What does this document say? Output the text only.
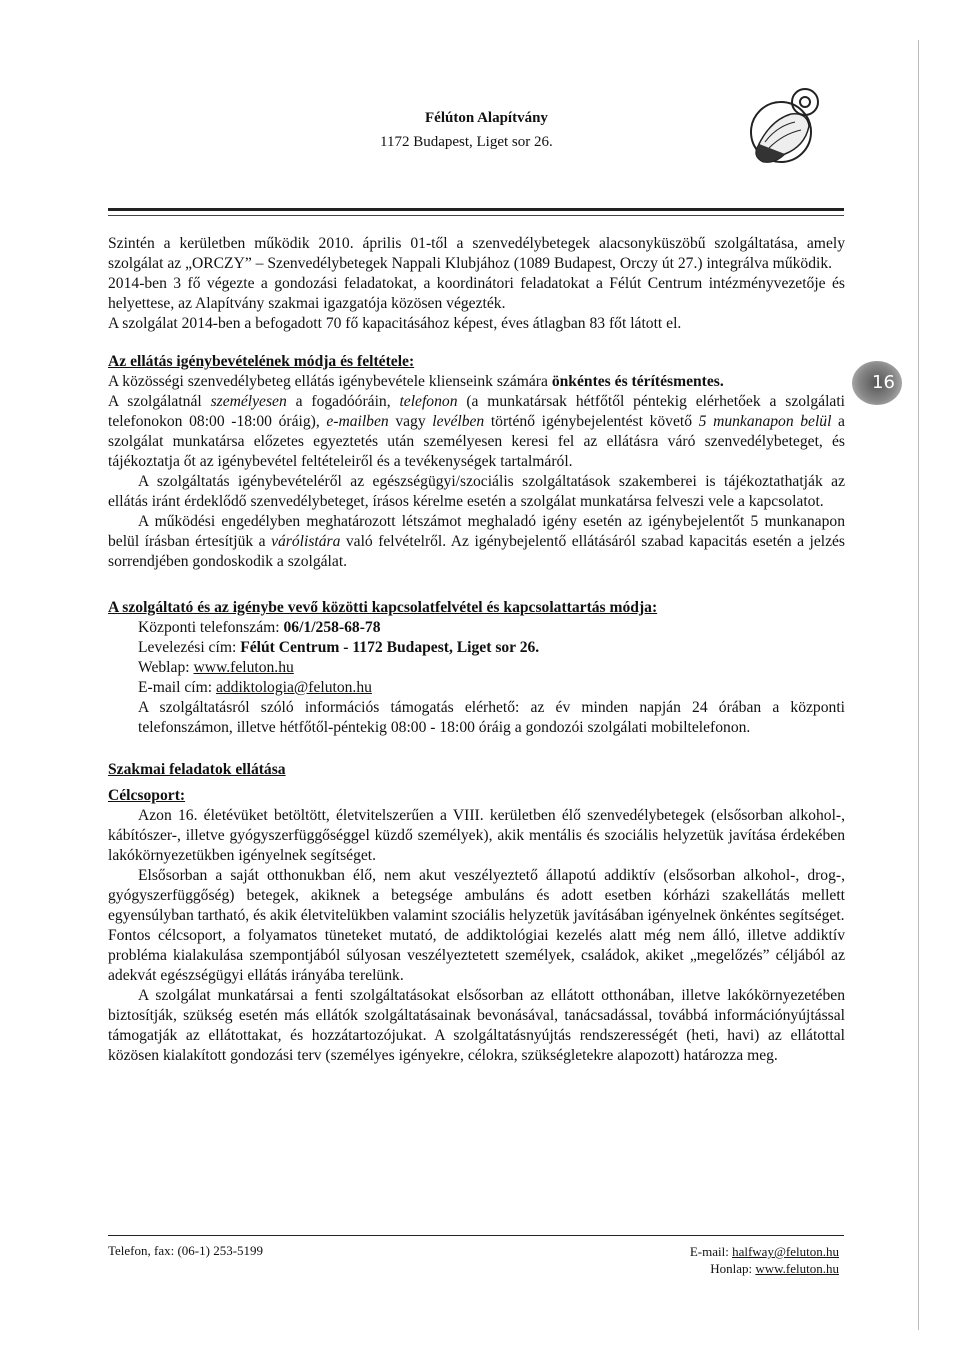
Félúton Alapítvány
1172 Budapest, Liget sor 26.
16

Szintén a kerületben működik 2010. április 01-től a szenvedélybetegek alacsonyküszöbű szolgáltatása, amely szolgálat az „ORCZY” – Szenvedélybetegek Nappali Klubjához (1089 Budapest, Orczy út 27.) integrálva működik.

2014-ben 3 fő végezte a gondozási feladatokat, a koordinátori feladatokat a Félút Centrum intézményvezetője és helyettese, az Alapítvány szakmai igazgatója közösen végezték.

A szolgálat 2014-ben a befogadott 70 fő kapacitásához képest, éves átlagban 83 főt látott el.

Az ellátás igénybevételének módja és feltétele:

A közösségi szenvedélybeteg ellátás igénybevétele klienseink számára önkéntes és térítésmentes.

A szolgálatnál személyesen a fogadóóráin, telefonon (a munkatársak hétfőtől péntekig elérhetőek a szolgálati telefonokon 08:00 -18:00 óráig), e-mailben vagy levélben történő igénybejelentést követő 5 munkanapon belül a szolgálat munkatársa előzetes egyeztetés után személyesen keresi fel az ellátásra váró szenvedélybeteget, és tájékoztatja őt az igénybevétel feltételeiről és a tevékenységek tartalmáról.

A szolgáltatás igénybevételéről az egészségügyi/szociális szolgáltatások szakemberei is tájékoztathatják az ellátás iránt érdeklődő szenvedélybeteget, írásos kérelme esetén a szolgálat munkatársa felveszi vele a kapcsolatot.

A működési engedélyben meghatározott létszámot meghaladó igény esetén az igénybejelentőt 5 munkanapon belül írásban értesítjük a várólistára való felvételről. Az igénybejelentő ellátásáról szabad kapacitás esetén a jelzés sorrendjében gondoskodik a szolgálat.

A szolgáltató és az igénybe vevő közötti kapcsolatfelvétel és kapcsolattartás módja:

Központi telefonszám: 06/1/258-68-78

Levelezési cím: Félút Centrum - 1172 Budapest, Liget sor 26.

Weblap: www.feluton.hu

E-mail cím: addiktologia@feluton.hu

A szolgáltatásról szóló információs támogatás elérhető: az év minden napján 24 órában a központi telefonszámon, illetve hétfőtől-péntekig 08:00 - 18:00 óráig a gondozói szolgálati mobiltelefonon.

Szakmai feladatok ellátása

Célcsoport:

Azon 16. életévüket betöltött, életvitelszerűen a VIII. kerületben élő szenvedélybetegek (elsősorban alkohol-, kábítószer-, illetve gyógyszerfüggőséggel küzdő személyek), akik mentális és szociális helyzetük javítása érdekében lakókörnyezetükben igényelnek segítséget.

Elsősorban a saját otthonukban élő, nem akut veszélyeztető állapotú addiktív (elsősorban alkohol-, drog-, gyógyszerfüggőség) betegek, akiknek a betegsége ambuláns és adott esetben kórházi szakellátás mellett egyensúlyban tartható, és akik életvitelükben valamint szociális helyzetük javításában igényelnek önkéntes segítséget.

Fontos célcsoport, a folyamatos tüneteket mutató, de addiktológiai kezelés alatt még nem álló, illetve addiktív probléma kialakulása szempontjából súlyosan veszélyeztetett személyek, családok, akiket „megelőzés” céljából az adekvát egészségügyi ellátás irányába terelünk.

A szolgálat munkatársai a fenti szolgáltatásokat elsősorban az ellátott otthonában, illetve lakókörnyezetében biztosítják, szükség esetén más ellátók szolgáltatásainak bevonásával, tanácsadással, továbbá információnyújtással támogatják az ellátottakat, és hozzátartozójukat. A szolgáltatásnyújtás rendszerességét (heti, havi) az ellátottal közösen kialakított gondozási terv (személyes igényekre, célokra, szükségletekre alapozott) határozza meg.

Telefon, fax: (06-1) 253-5199	E-mail: halfway@feluton.hu
Honlap: www.feluton.hu
